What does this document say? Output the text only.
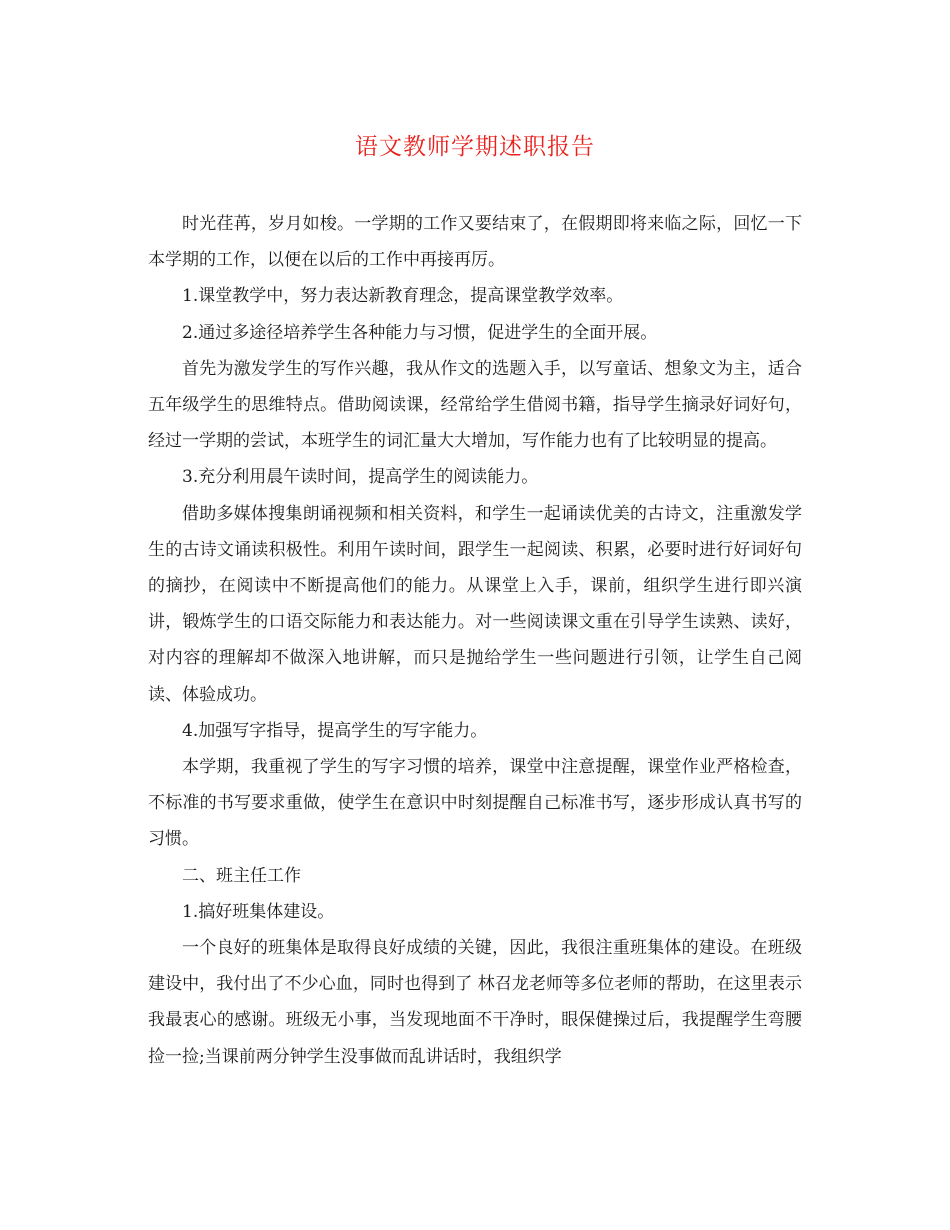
语文教师学期述职报告

时光荏苒，岁月如梭。一学期的工作又要结束了，在假期即将来临之际，回忆一下本学期的工作，以便在以后的工作中再接再厉。

1.课堂教学中，努力表达新教育理念，提高课堂教学效率。

2.通过多途径培养学生各种能力与习惯，促进学生的全面开展。

首先为激发学生的写作兴趣，我从作文的选题入手，以写童话、想象文为主，适合五年级学生的思维特点。借助阅读课，经常给学生借阅书籍，指导学生摘录好词好句，经过一学期的尝试，本班学生的词汇量大大增加，写作能力也有了比较明显的提高。

3.充分利用晨午读时间，提高学生的阅读能力。

借助多媒体搜集朗诵视频和相关资料，和学生一起诵读优美的古诗文，注重激发学生的古诗文诵读积极性。利用午读时间，跟学生一起阅读、积累，必要时进行好词好句的摘抄，在阅读中不断提高他们的能力。从课堂上入手，课前，组织学生进行即兴演讲，锻炼学生的口语交际能力和表达能力。对一些阅读课文重在引导学生读熟、读好，对内容的理解却不做深入地讲解，而只是抛给学生一些问题进行引领，让学生自己阅读、体验成功。

4.加强写字指导，提高学生的写字能力。

本学期，我重视了学生的写字习惯的培养，课堂中注意提醒，课堂作业严格检查，不标准的书写要求重做，使学生在意识中时刻提醒自己标准书写，逐步形成认真书写的习惯。

二、班主任工作

1.搞好班集体建设。

一个良好的班集体是取得良好成绩的关键，因此，我很注重班集体的建设。在班级建设中，我付出了不少心血，同时也得到了 林召龙老师等多位老师的帮助，在这里表示我最衷心的感谢。班级无小事，当发现地面不干净时，眼保健操过后，我提醒学生弯腰捡一捡;当课前两分钟学生没事做而乱讲话时，我组织学
